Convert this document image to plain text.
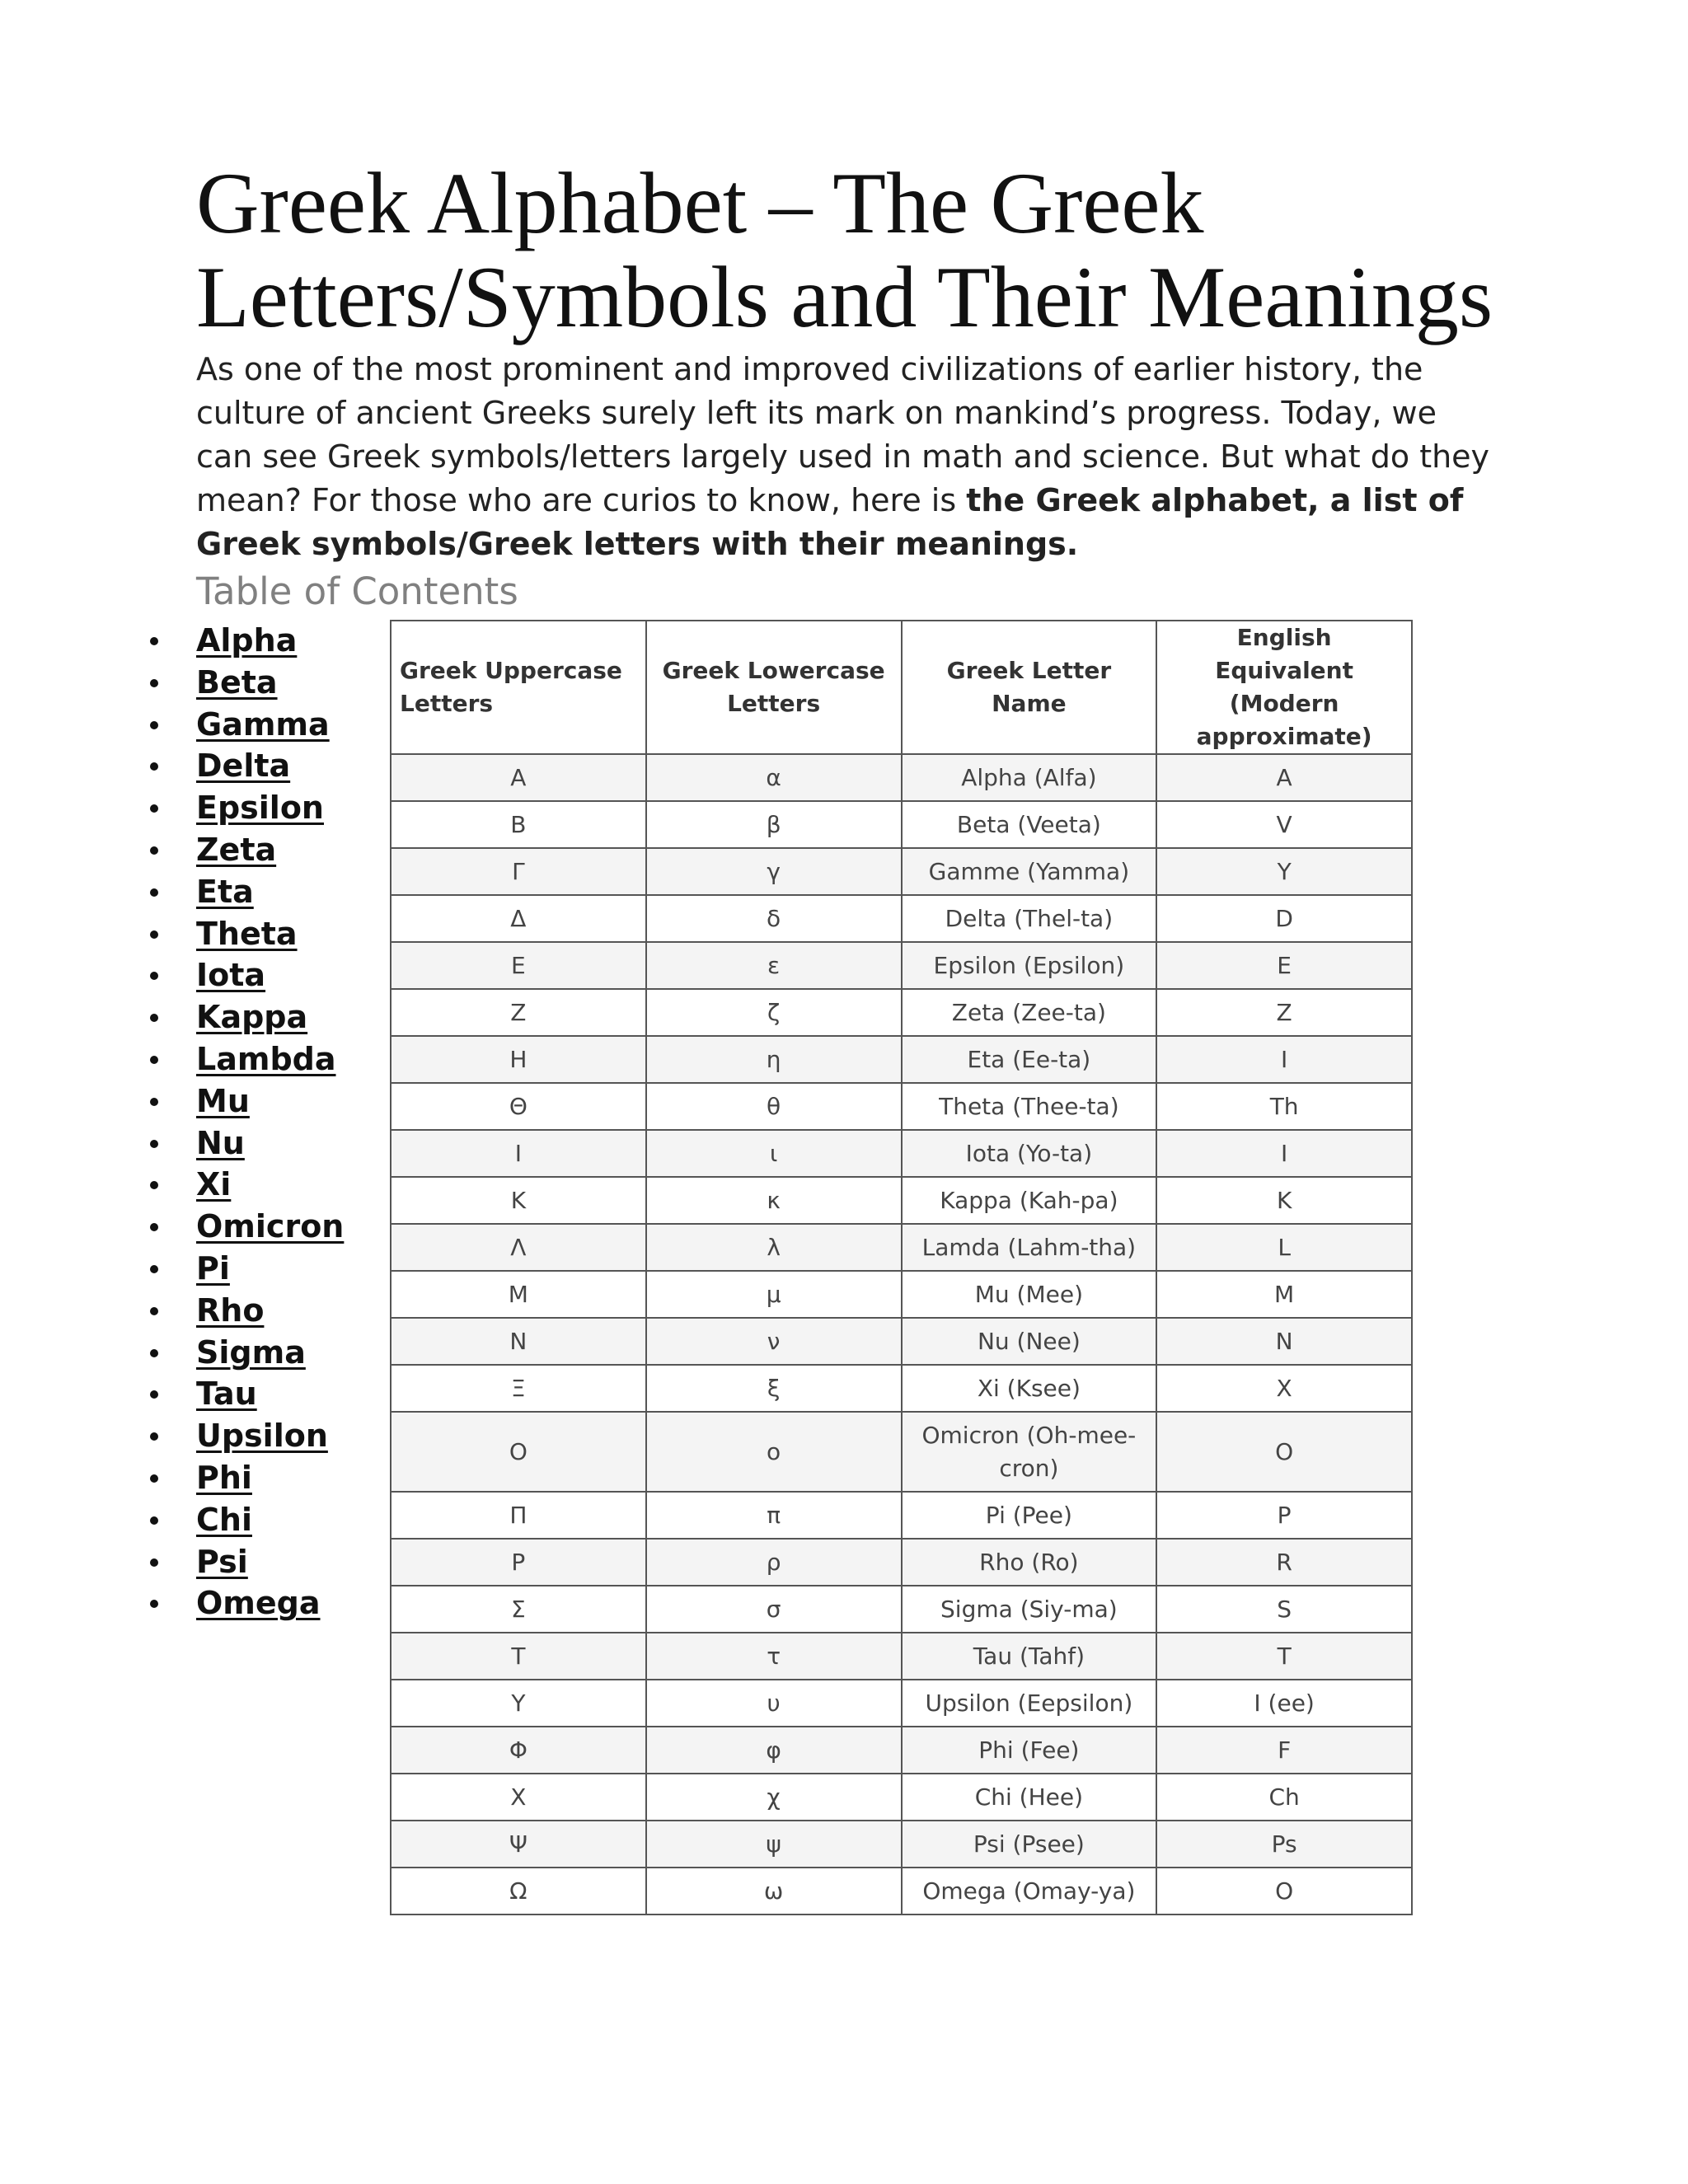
Greek Alphabet – The Greek Letters/Symbols and Their Meanings

As one of the most prominent and improved civilizations of earlier history, the culture of ancient Greeks surely left its mark on mankind’s progress. Today, we can see Greek symbols/letters largely used in math and science. But what do they mean? For those who are curios to know, here is the Greek alphabet, a list of Greek symbols/Greek letters with their meanings.

Table of Contents
Alpha
Beta
Gamma
Delta
Epsilon
Zeta
Eta
Theta
Iota
Kappa
Lambda
Mu
Nu
Xi
Omicron
Pi
Rho
Sigma
Tau
Upsilon
Phi
Chi
Psi
Omega
Greek Uppercase Letters	Greek Lowercase Letters	Greek Letter Name	English Equivalent (Modern approximate)
Α	α	Alpha (Alfa)	A
Β	β	Beta (Veeta)	V
Γ	γ	Gamme (Yamma)	Y
Δ	δ	Delta (Thel-ta)	D
Ε	ε	Epsilon (Epsilon)	E
Ζ	ζ	Zeta (Zee-ta)	Z
Η	η	Eta (Ee-ta)	I
Θ	θ	Theta (Thee-ta)	Th
Ι	ι	Iota (Yo-ta)	I
Κ	κ	Kappa (Kah-pa)	K
Λ	λ	Lamda (Lahm-tha)	L
Μ	μ	Mu (Mee)	M
Ν	ν	Nu (Nee)	N
Ξ	ξ	Xi (Ksee)	X
Ο	ο	Omicron (Oh-mee-cron)	O
Π	π	Pi (Pee)	P
Ρ	ρ	Rho (Ro)	R
Σ	σ	Sigma (Siy-ma)	S
Τ	τ	Tau (Tahf)	T
Υ	υ	Upsilon (Eepsilon)	I (ee)
Φ	φ	Phi (Fee)	F
Χ	χ	Chi (Hee)	Ch
Ψ	ψ	Psi (Psee)	Ps
Ω	ω	Omega (Omay-ya)	O
